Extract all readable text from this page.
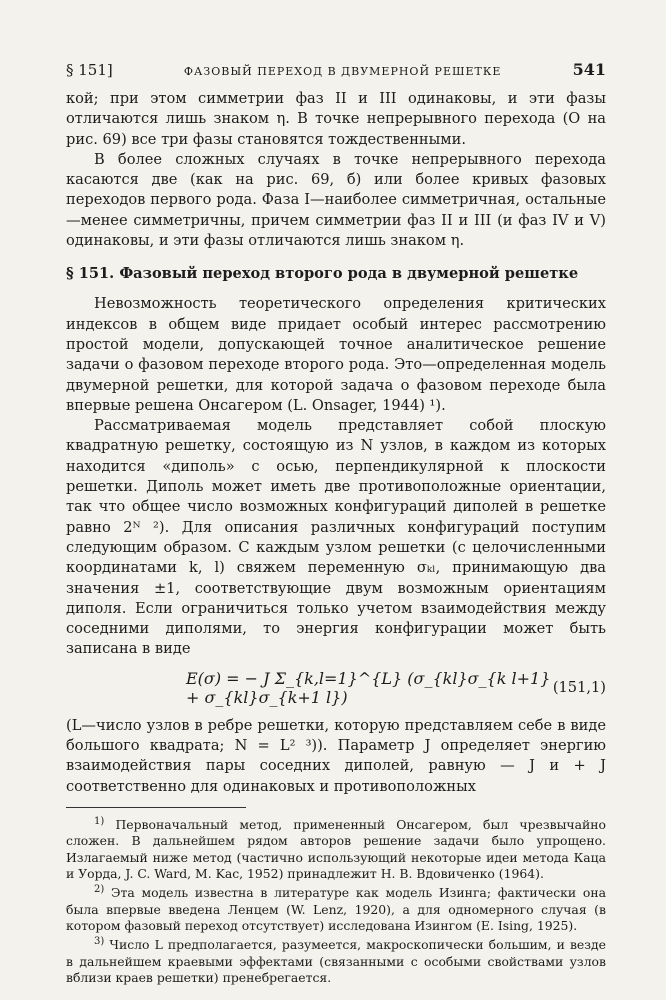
§ 151]	ФАЗОВЫЙ ПЕРЕХОД В ДВУМЕРНОЙ РЕШЕТКЕ	541

кой; при этом симметрии фаз II и III одинаковы, и эти фазы отличаются лишь знаком η. В точке непрерывного перехода (O на рис. 69) все три фазы становятся тождественными.

В более сложных случаях в точке непрерывного перехода касаются две (как на рис. 69, б) или более кривых фазовых переходов первого рода. Фаза I—наиболее симметричная, остальные—менее симметричны, причем симметрии фаз II и III (и фаз IV и V) одинаковы, и эти фазы отличаются лишь знаком η.

§ 151. Фазовый переход второго рода в двумерной решетке

Невозможность теоретического определения критических индексов в общем виде придает особый интерес рассмотрению простой модели, допускающей точное аналитическое решение задачи о фазовом переходе второго рода. Это—определенная модель двумерной решетки, для которой задача о фазовом переходе была впервые решена Онсагером (L. Onsager, 1944) ¹).

Рассматриваемая модель представляет собой плоскую квадратную решетку, состоящую из N узлов, в каждом из которых находится «диполь» с осью, перпендикулярной к плоскости решетки. Диполь может иметь две противоположные ориентации, так что общее число возможных конфигураций диполей в решетке равно 2ᴺ ²). Для описания различных конфигураций поступим следующим образом. С каждым узлом решетки (с целочисленными координатами k, l) свяжем переменную σₖₗ, принимающую два значения ±1, соответствующие двум возможным ориентациям диполя. Если ограничиться только учетом взаимодействия между соседними диполями, то энергия конфигурации может быть записана в виде

E(σ) = − J Σ_{k,l=1}^{L} (σ_{kl}σ_{k l+1} + σ_{kl}σ_{k+1 l})	(151,1)

(L—число узлов в ребре решетки, которую представляем себе в виде большого квадрата; N = L² ³)). Параметр J определяет энергию взаимодействия пары соседних диполей, равную — J и + J соответственно для одинаковых и противоположных

$^{1)}$ Первоначальный метод, примененный Онсагером, был чрезвычайно сложен. В дальнейшем рядом авторов решение задачи было упрощено. Излагаемый ниже метод (частично использующий некоторые идеи метода Каца и Уорда, J. C. Ward, M. Kac, 1952) принадлежит Н. В. Вдовиченко (1964).

$^{2)}$ Эта модель известна в литературе как модель Изинга; фактически она была впервые введена Ленцем (W. Lenz, 1920), а для одномерного случая (в котором фазовый переход отсутствует) исследована Изингом (E. Ising, 1925).

$^{3)}$ Число L предполагается, разумеется, макроскопически большим, и везде в дальнейшем краевыми эффектами (связанными с особыми свойствами узлов вблизи краев решетки) пренебрегается.
